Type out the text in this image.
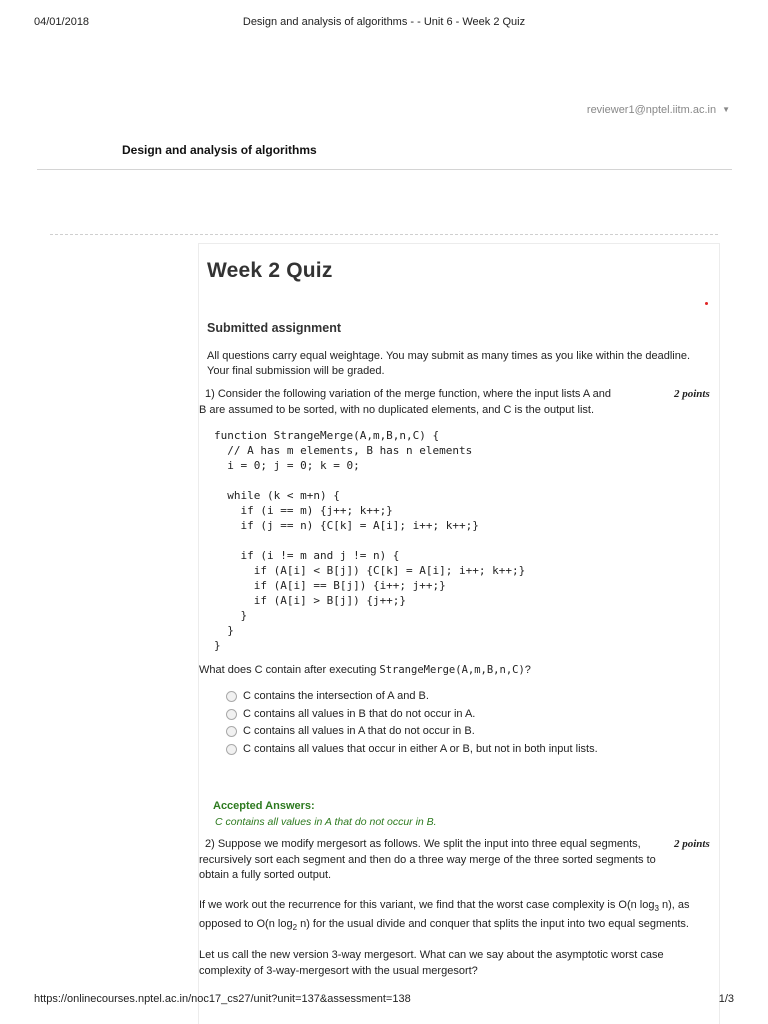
04/01/2018	Design and analysis of algorithms - - Unit 6 - Week 2 Quiz
reviewer1@nptel.iitm.ac.in ▼
Design and analysis of algorithms
Week 2 Quiz
Submitted assignment
All questions carry equal weightage. You may submit as many times as you like within the deadline. Your final submission will be graded.
1) Consider the following variation of the merge function, where the input lists A and B are assumed to be sorted, with no duplicated elements, and C is the output list.
2 points
function StrangeMerge(A,m,B,n,C) {
// A has m elements, B has n elements
i = 0; j = 0; k = 0;

while (k < m+n) {
if (i == m) {j++; k++;}
if (j == n) {C[k] = A[i]; i++; k++;}

if (i != m and j != n) {
if (A[i] < B[j]) {C[k] = A[i]; i++; k++;}
if (A[i] == B[j]) {i++; j++;}
if (A[i] > B[j]) {j++;}
}
}
}
What does C contain after executing StrangeMerge(A,m,B,n,C)?
C contains the intersection of A and B.
C contains all values in B that do not occur in A.
C contains all values in A that do not occur in B.
C contains all values that occur in either A or B, but not in both input lists.
Accepted Answers:
C contains all values in A that do not occur in B.
2) Suppose we modify mergesort as follows. We split the input into three equal segments, recursively sort each segment and then do a three way merge of the three sorted segments to obtain a fully sorted output.
2 points
If we work out the recurrence for this variant, we find that the worst case complexity is O(n $\log_3 n$), as opposed to O(n $\log_2 n$) for the usual divide and conquer that splits the input into two equal segments.
Let us call the new version 3-way mergesort. What can we say about the asymptotic worst case complexity of 3-way-mergesort with the usual mergesort?
https://onlinecourses.nptel.ac.in/noc17_cs27/unit?unit=137&assessment=138	1/3
